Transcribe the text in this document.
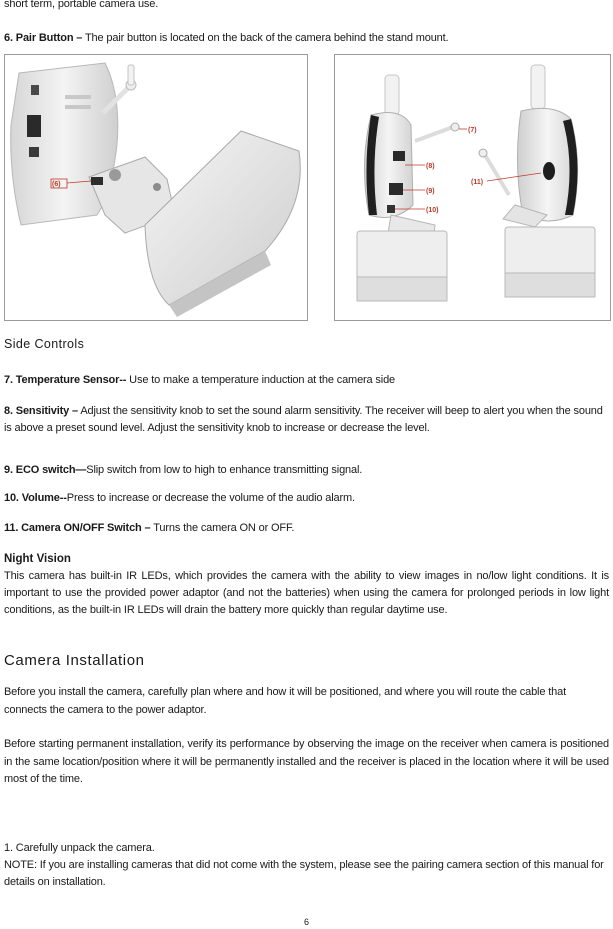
short term, portable camera use.
6. Pair Button – The pair button is located on the back of the camera behind the stand mount.
(6)
(7)
(8)
(9)
(10)
(11)
Side Controls
7. Temperature Sensor-- Use to make a temperature induction at the camera side
8. Sensitivity – Adjust the sensitivity knob to set the sound alarm sensitivity. The receiver will beep to alert you when the sound is above a preset sound level. Adjust the sensitivity knob to increase or decrease the level.
9. ECO switch—Slip switch from low to high to enhance transmitting signal.
10. Volume--Press to increase or decrease the volume of the audio alarm.
11. Camera ON/OFF Switch – Turns the camera ON or OFF.
Night Vision
This camera has built-in IR LEDs, which provides the camera with the ability to view images in no/low light conditions. It is important to use the provided power adaptor (and not the batteries) when using the camera for prolonged periods in low light conditions, as the built-in IR LEDs will drain the battery more quickly than regular daytime use.
Camera Installation
Before you install the camera, carefully plan where and how it will be positioned, and where you will route the cable that connects the camera to the power adaptor.
Before starting permanent installation, verify its performance by observing the image on the receiver when camera is positioned in the same location/position where it will be permanently installed and the receiver is placed in the location where it will be used most of the time.
1. Carefully unpack the camera.
NOTE: If you are installing cameras that did not come with the system, please see the pairing camera section of this manual for details on installation.
6
